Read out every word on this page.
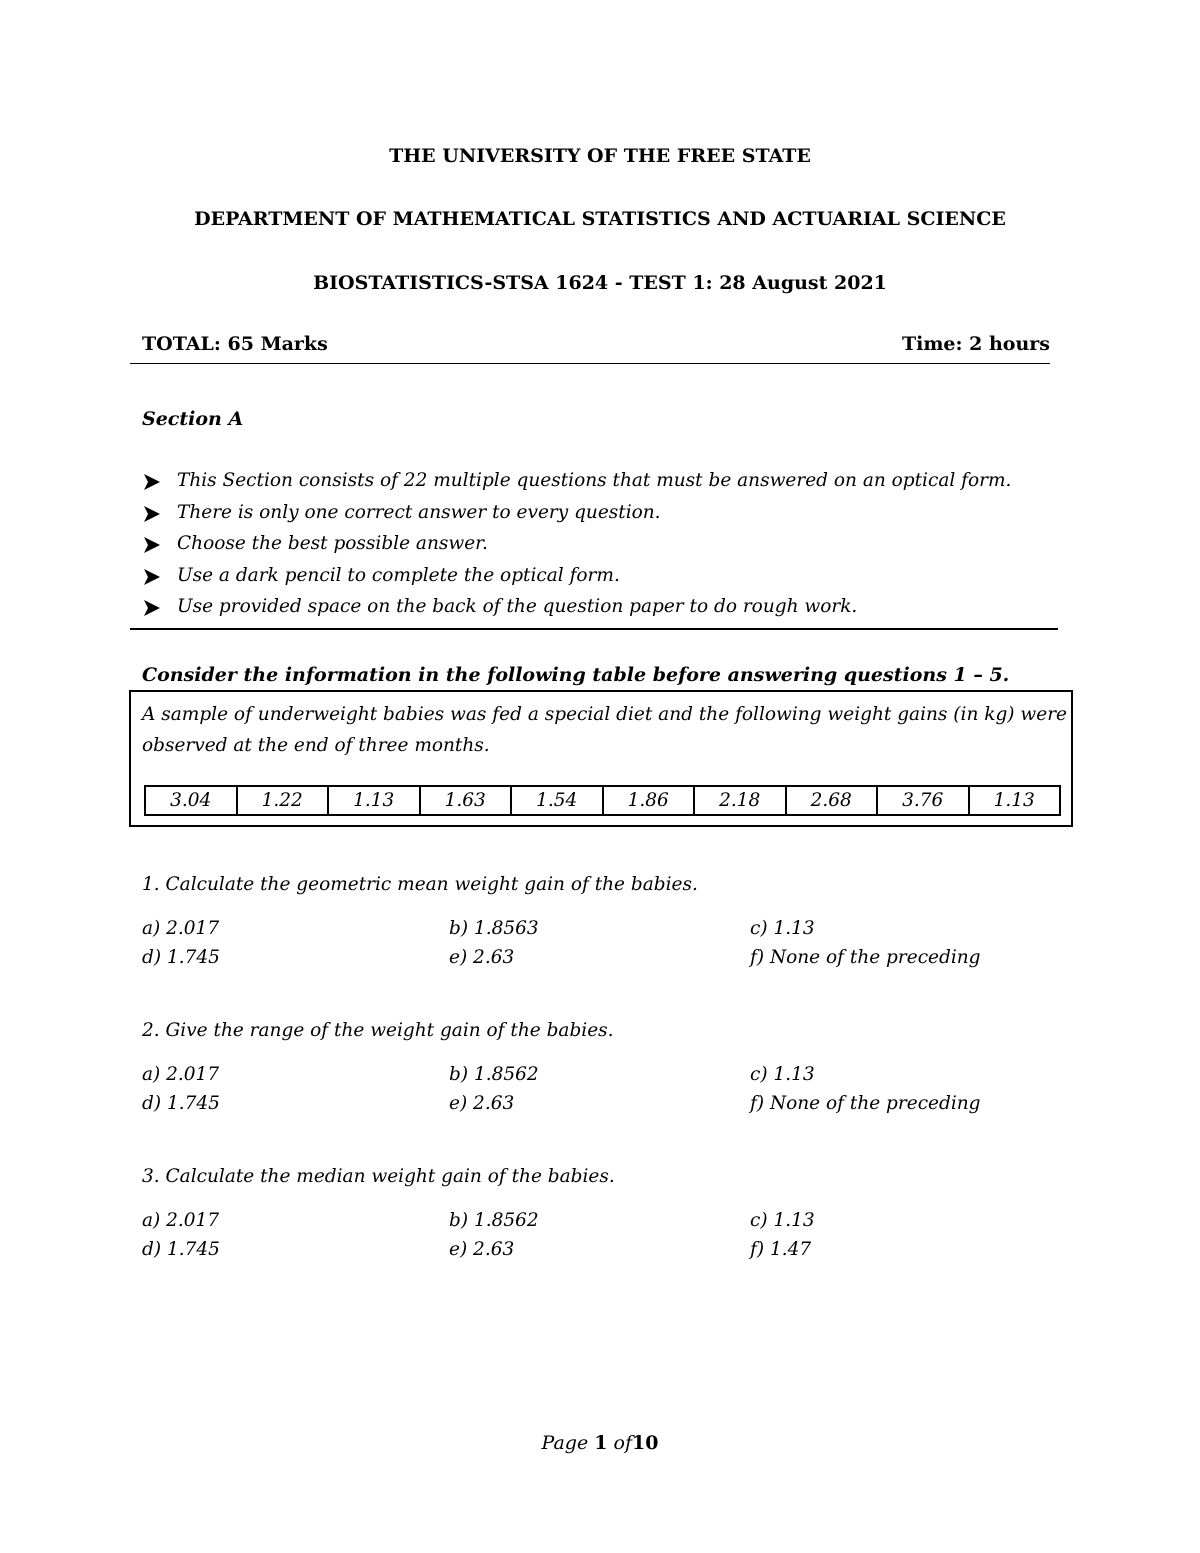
THE UNIVERSITY OF THE FREE STATE
DEPARTMENT OF MATHEMATICAL STATISTICS AND ACTUARIAL SCIENCE
BIOSTATISTICS-STSA 1624 - TEST 1: 28 August 2021
TOTAL: 65 Marks	Time: 2 hours
Section A
This Section consists of 22 multiple questions that must be answered on an optical form.
There is only one correct answer to every question.
Choose the best possible answer.
Use a dark pencil to complete the optical form.
Use provided space on the back of the question paper to do rough work.
Consider the information in the following table before answering questions 1 – 5.
A sample of underweight babies was fed a special diet and the following weight gains (in kg) were observed at the end of three months.
3.04	1.22	1.13	1.63	1.54	1.86	2.18	2.68	3.76	1.13
1. Calculate the geometric mean weight gain of the babies.
a) 2.017	b) 1.8563	c) 1.13
d) 1.745	e) 2.63	f) None of the preceding
2. Give the range of the weight gain of the babies.
a) 2.017	b) 1.8562	c) 1.13
d) 1.745	e) 2.63	f) None of the preceding
3. Calculate the median weight gain of the babies.
a) 2.017	b) 1.8562	c) 1.13
d) 1.745	e) 2.63	f) 1.47
Page 1 of10
